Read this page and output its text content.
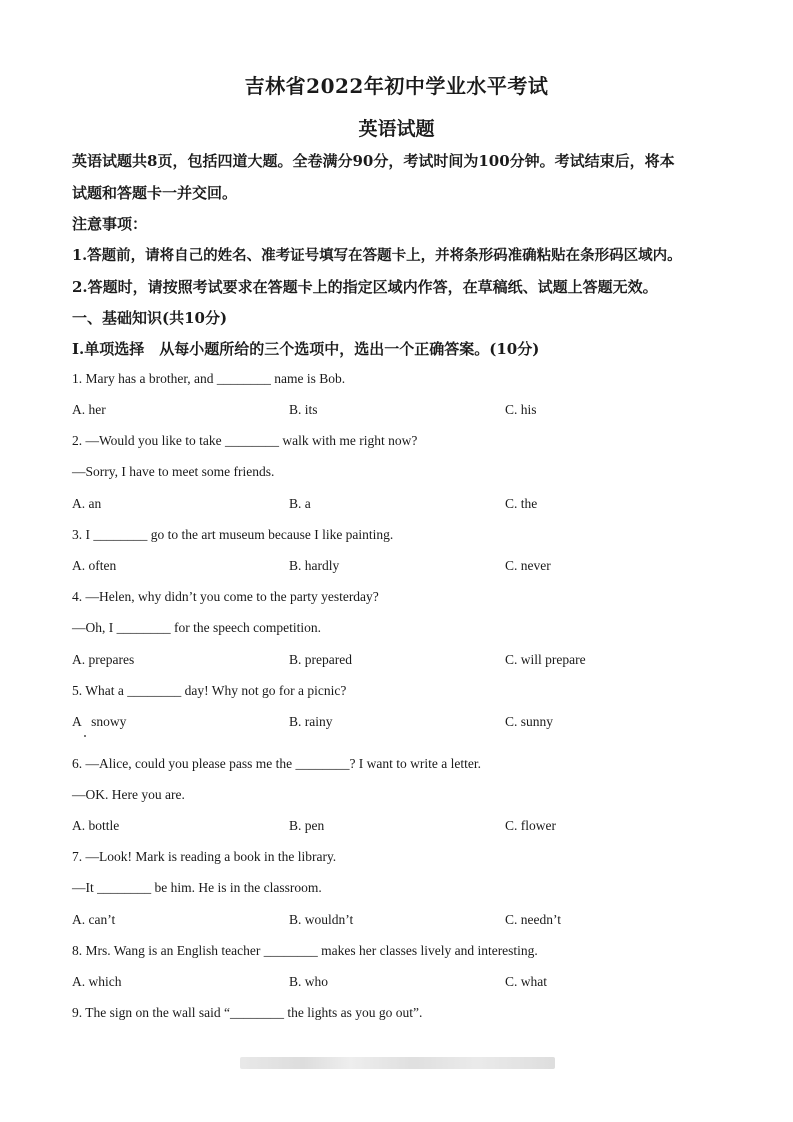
吉林省2022年初中学业水平考试
英语试题
英语试题共8页，包括四道大题。全卷满分90分，考试时间为100分钟。考试结束后，将本
试题和答题卡一并交回。
注意事项：
1.答题前，请将自己的姓名、准考证号填写在答题卡上，并将条形码准确粘贴在条形码区域内。
2.答题时，请按照考试要求在答题卡上的指定区域内作答，在草稿纸、试题上答题无效。
一、基础知识(共10分)
I.单项选择　从每小题所给的三个选项中，选出一个正确答案。(10分)
1. Mary has a brother, and ________ name is Bob.
A. her	B. its	C. his
2. —Would you like to take ________ walk with me right now?
—Sorry, I have to meet some friends.
A. an	B. a	C. the
3. I ________ go to the art museum because I like painting.
A. often	B. hardly	C. never
4. —Helen, why didn’t you come to the party yesterday?
—Oh, I ________ for the speech competition.
A. prepares	B. prepared	C. will prepare
5. What a ________ day! Why not go for a picnic?
A   snowy	B. rainy	C. sunny
6. —Alice, could you please pass me the ________? I want to write a letter.
—OK. Here you are.
A. bottle	B. pen	C. flower
7. —Look! Mark is reading a book in the library.
—It ________ be him. He is in the classroom.
A. can’t	B. wouldn’t	C. needn’t
8. Mrs. Wang is an English teacher ________ makes her classes lively and interesting.
A. which	B. who	C. what
9. The sign on the wall said “________ the lights as you go out”.
